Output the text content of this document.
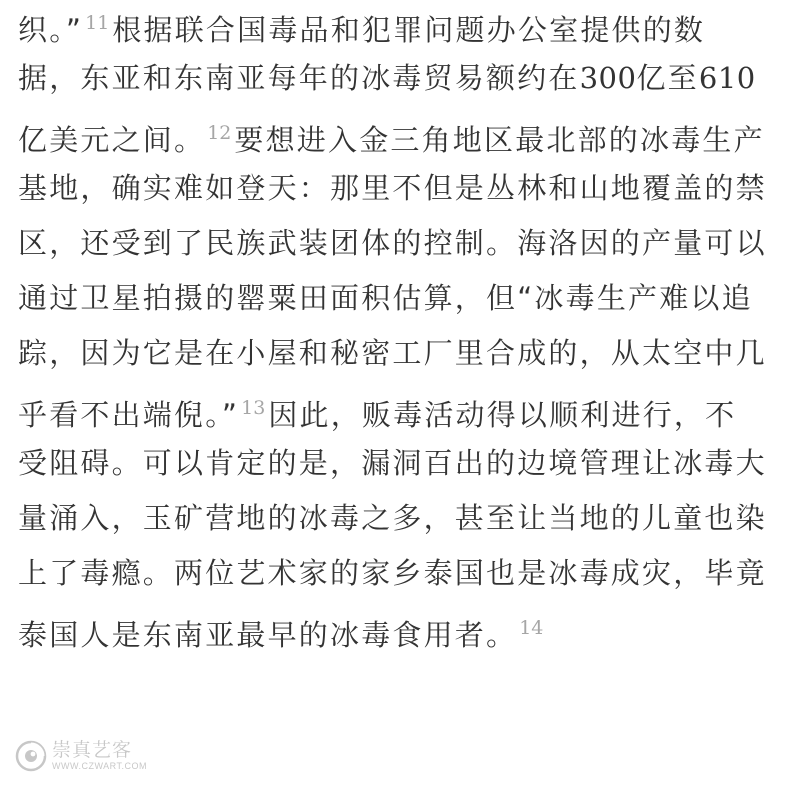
织。” $^{11}$ 根据联合国毒品和犯罪问题办公室提供的数
据，东亚和东南亚每年的冰毒贸易额约在300亿至610
亿美元之间。 $^{12}$ 要想进入金三角地区最北部的冰毒生产
基地，确实难如登天：那里不但是丛林和山地覆盖的禁
区，还受到了民族武装团体的控制。海洛因的产量可以
通过卫星拍摄的罂粟田面积估算，但“冰毒生产难以追
踪，因为它是在小屋和秘密工厂里合成的，从太空中几
乎看不出端倪。” $^{13}$ 因此，贩毒活动得以顺利进行，不
受阻碍。可以肯定的是，漏洞百出的边境管理让冰毒大
量涌入，玉矿营地的冰毒之多，甚至让当地的儿童也染
上了毒瘾。两位艺术家的家乡泰国也是冰毒成灾，毕竟
泰国人是东南亚最早的冰毒食用者。 $^{14}$
崇真艺客
WWW.CZWART.COM
